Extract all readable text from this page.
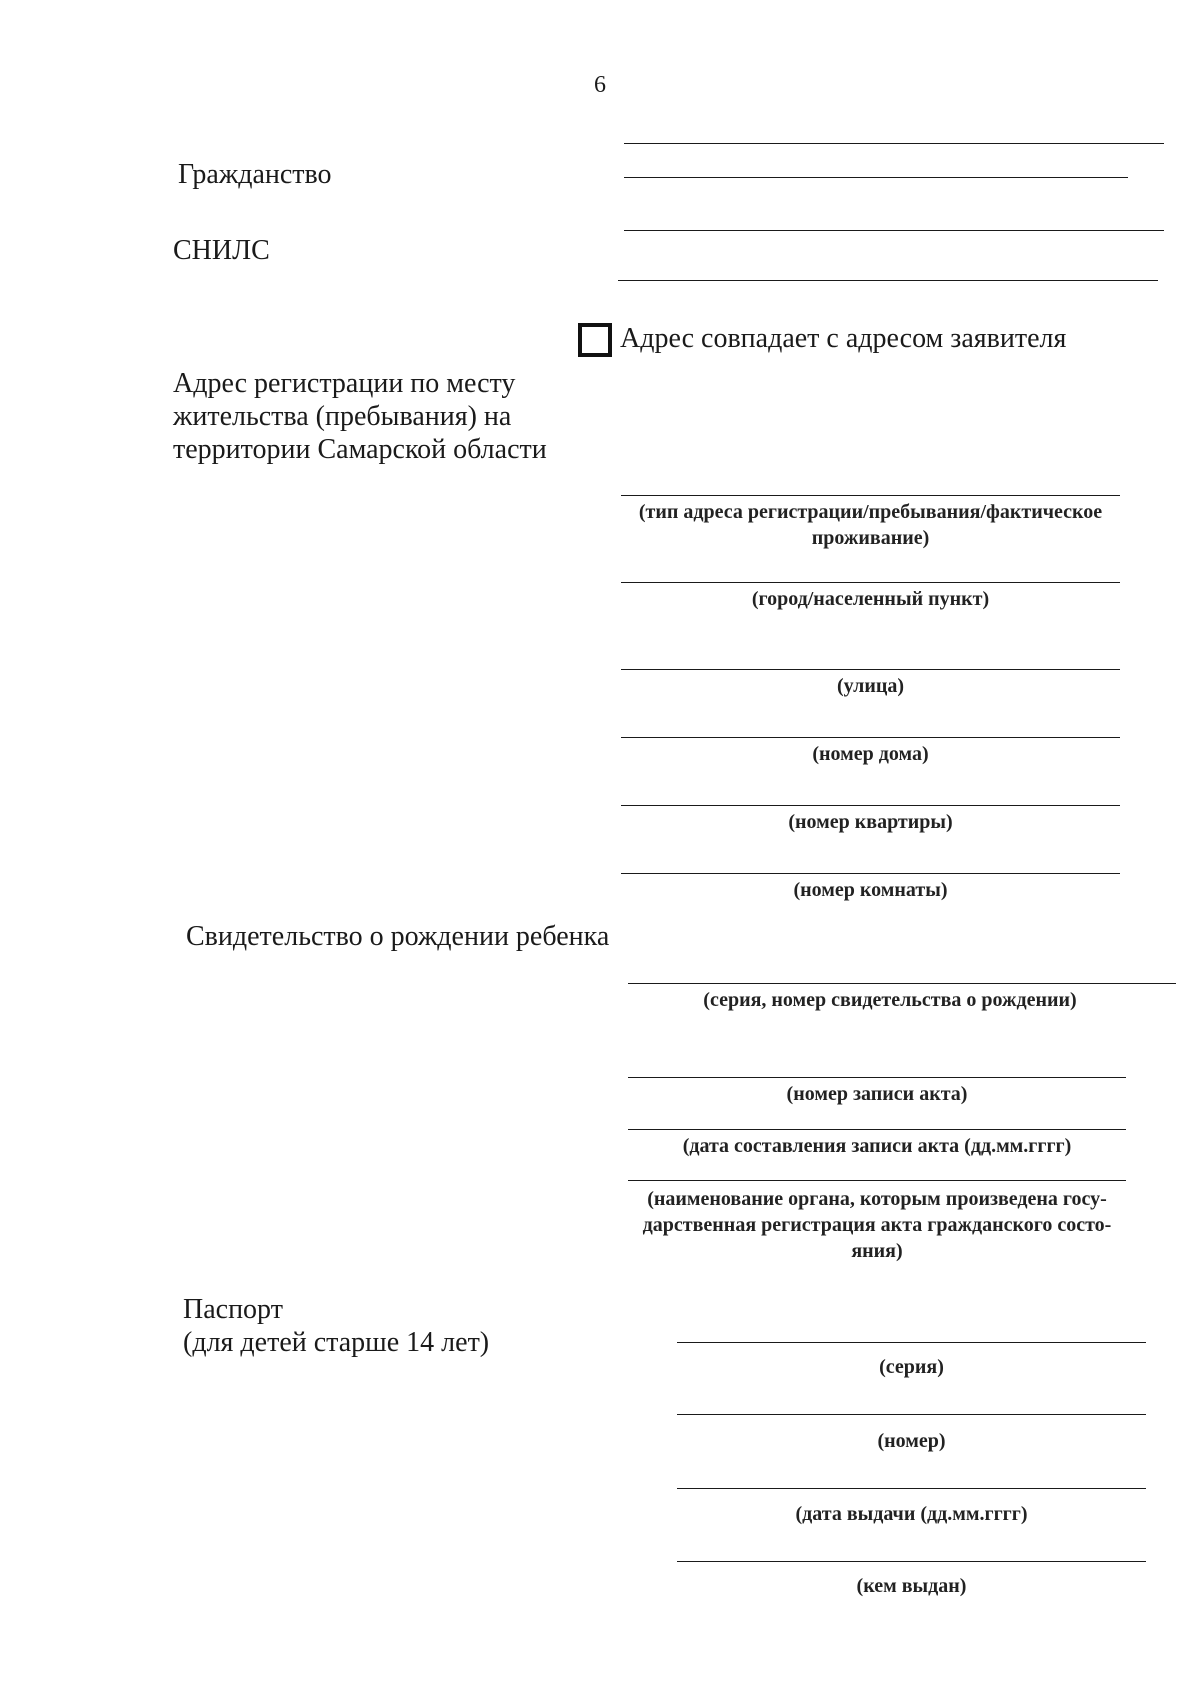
6
Гражданство
СНИЛС
Адрес совпадает с адресом заявителя
Адрес регистрации по месту
жительства (пребывания) на
территории Самарской области
(тип адреса регистрации/пребывания/фактическое
проживание)
(город/населенный пункт)
(улица)
(номер дома)
(номер квартиры)
(номер комнаты)
Свидетельство о рождении ребенка
(серия, номер свидетельства о рождении)
(номер записи акта)
(дата составления записи акта (дд.мм.гггг)
(наименование органа, которым произведена госу-
дарственная регистрация акта гражданского состо-
яния)
Паспорт
(для детей старше 14 лет)
(серия)
(номер)
(дата выдачи (дд.мм.гггг)
(кем выдан)
